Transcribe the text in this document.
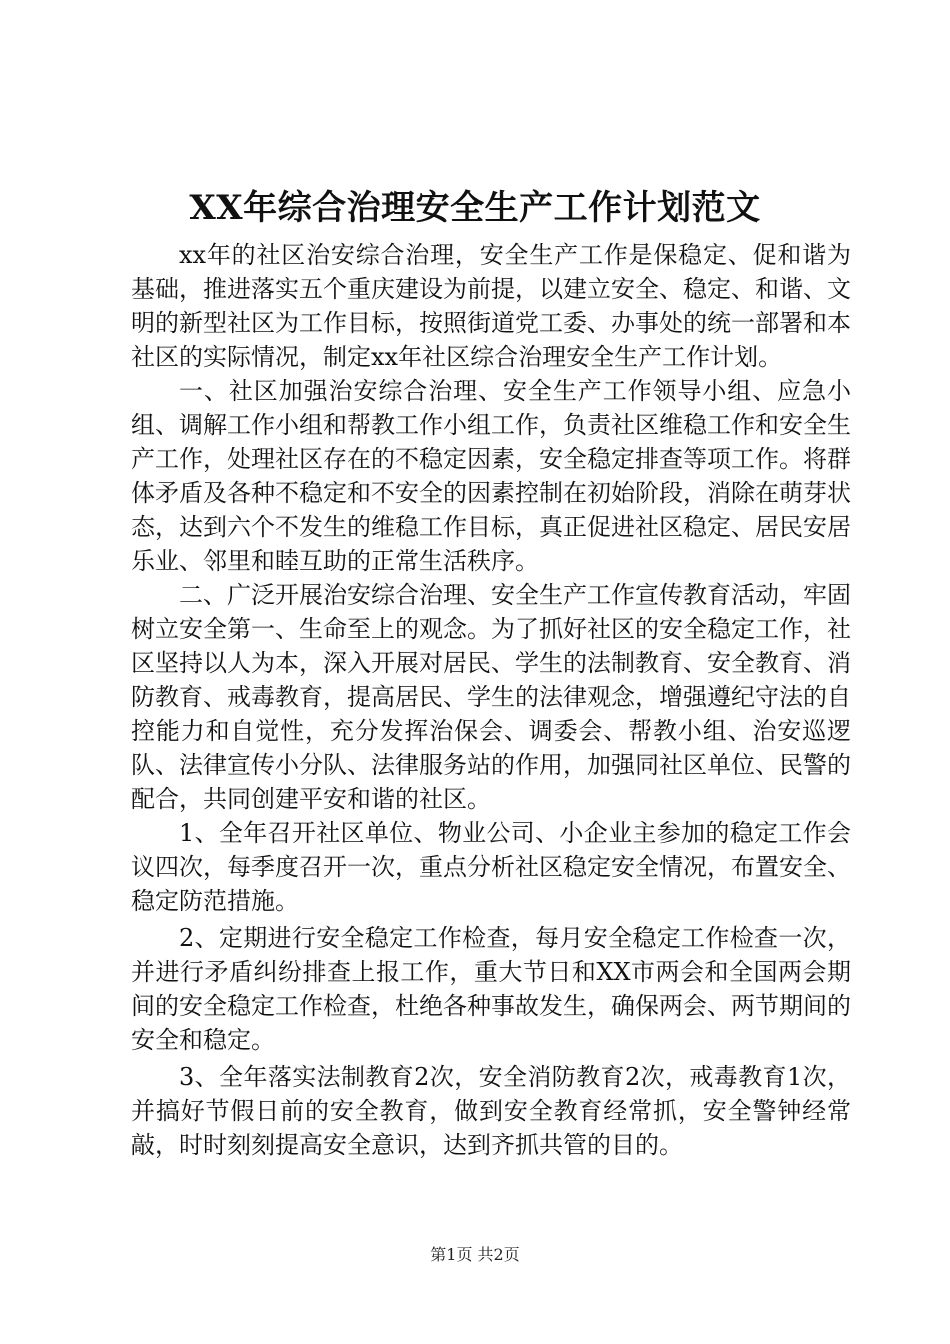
XX年综合治理安全生产工作计划范文

xx年的社区治安综合治理，安全生产工作是保稳定、促和谐为基础，推进落实五个重庆建设为前提，以建立安全、稳定、和谐、文明的新型社区为工作目标，按照街道党工委、办事处的统一部署和本社区的实际情况，制定xx年社区综合治理安全生产工作计划。

一、社区加强治安综合治理、安全生产工作领导小组、应急小组、调解工作小组和帮教工作小组工作，负责社区维稳工作和安全生产工作，处理社区存在的不稳定因素，安全稳定排查等项工作。将群体矛盾及各种不稳定和不安全的因素控制在初始阶段，消除在萌芽状态，达到六个不发生的维稳工作目标，真正促进社区稳定、居民安居乐业、邻里和睦互助的正常生活秩序。

二、广泛开展治安综合治理、安全生产工作宣传教育活动，牢固树立安全第一、生命至上的观念。为了抓好社区的安全稳定工作，社区坚持以人为本，深入开展对居民、学生的法制教育、安全教育、消防教育、戒毒教育，提高居民、学生的法律观念，增强遵纪守法的自控能力和自觉性，充分发挥治保会、调委会、帮教小组、治安巡逻队、法律宣传小分队、法律服务站的作用，加强同社区单位、民警的配合，共同创建平安和谐的社区。

1、全年召开社区单位、物业公司、小企业主参加的稳定工作会议四次，每季度召开一次，重点分析社区稳定安全情况，布置安全、稳定防范措施。

2、定期进行安全稳定工作检查，每月安全稳定工作检查一次，并进行矛盾纠纷排查上报工作，重大节日和XX市两会和全国两会期间的安全稳定工作检查，杜绝各种事故发生，确保两会、两节期间的安全和稳定。

3、全年落实法制教育2次，安全消防教育2次，戒毒教育1次，并搞好节假日前的安全教育，做到安全教育经常抓，安全警钟经常敲，时时刻刻提高安全意识，达到齐抓共管的目的。

第1页 共2页
